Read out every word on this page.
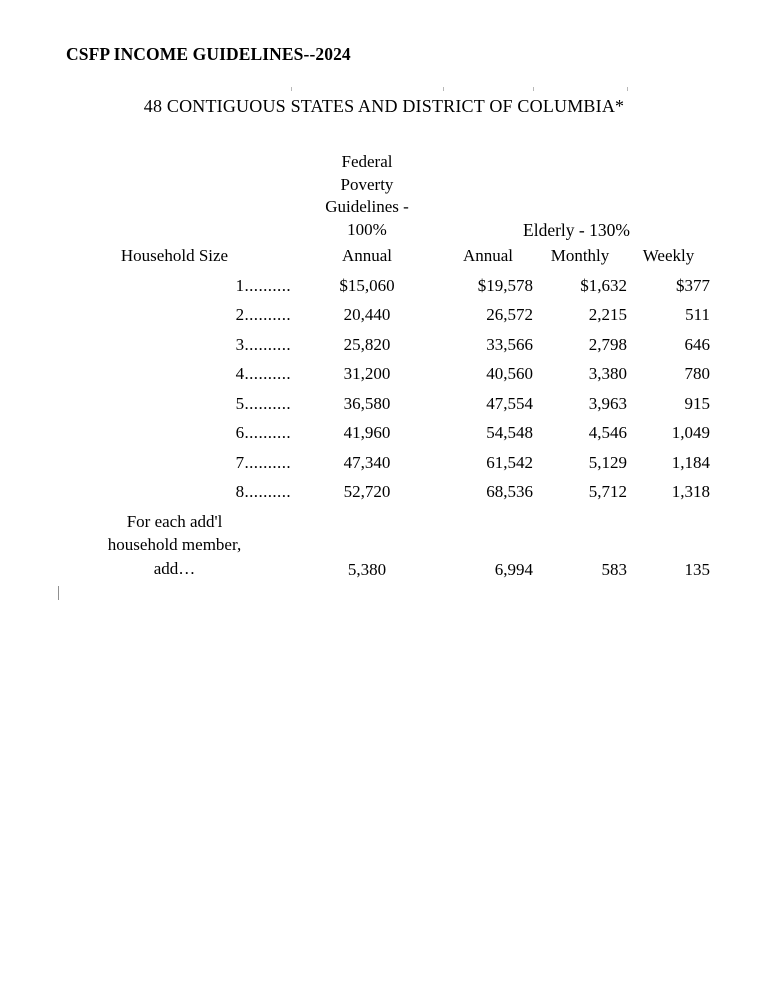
CSFP INCOME GUIDELINES--2024
48 CONTIGUOUS STATES AND DISTRICT OF COLUMBIA*				

	Federal
Poverty
Guidelines -
100%	Elderly - 130%		
Household Size	Annual	Annual	Monthly	Weekly
1..........	$15,060	$19,578	$1,632	$377
2..........	20,440	26,572	2,215	511
3..........	25,820	33,566	2,798	646
4..........	31,200	40,560	3,380	780
5..........	36,580	47,554	3,963	915
6..........	41,960	54,548	4,546	1,049
7..........	47,340	61,542	5,129	1,184
8..........	52,720	68,536	5,712	1,318

For each add'l
household member,
add…	5,380	6,994	583	135
